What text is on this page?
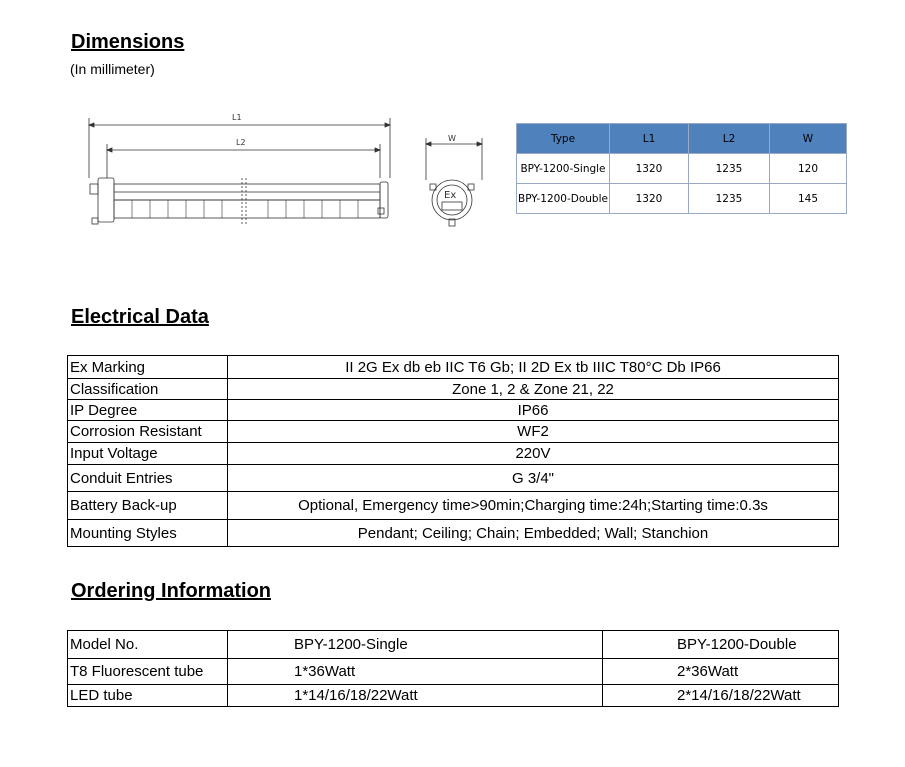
Dimensions
(In millimeter)
L1
L2	W
Ex
Type	L1	L2	W
BPY-1200-Single	1320	1235	120
BPY-1200-Double	1320	1235	145
Electrical Data
Ex Marking	II 2G Ex db eb IIC T6 Gb; II 2D Ex tb IIIC T80°C Db IP66
Classification	Zone 1, 2 & Zone 21, 22
IP Degree	IP66
Corrosion Resistant	WF2
Input Voltage	220V
Conduit Entries	G 3/4"
Battery Back-up	Optional, Emergency time>90min;Charging time:24h;Starting time:0.3s
Mounting Styles	Pendant; Ceiling; Chain; Embedded; Wall; Stanchion
Ordering Information
Model No.	BPY-1200-Single	BPY-1200-Double
T8 Fluorescent tube	1*36Watt	2*36Watt
LED tube	1*14/16/18/22Watt	2*14/16/18/22Watt
